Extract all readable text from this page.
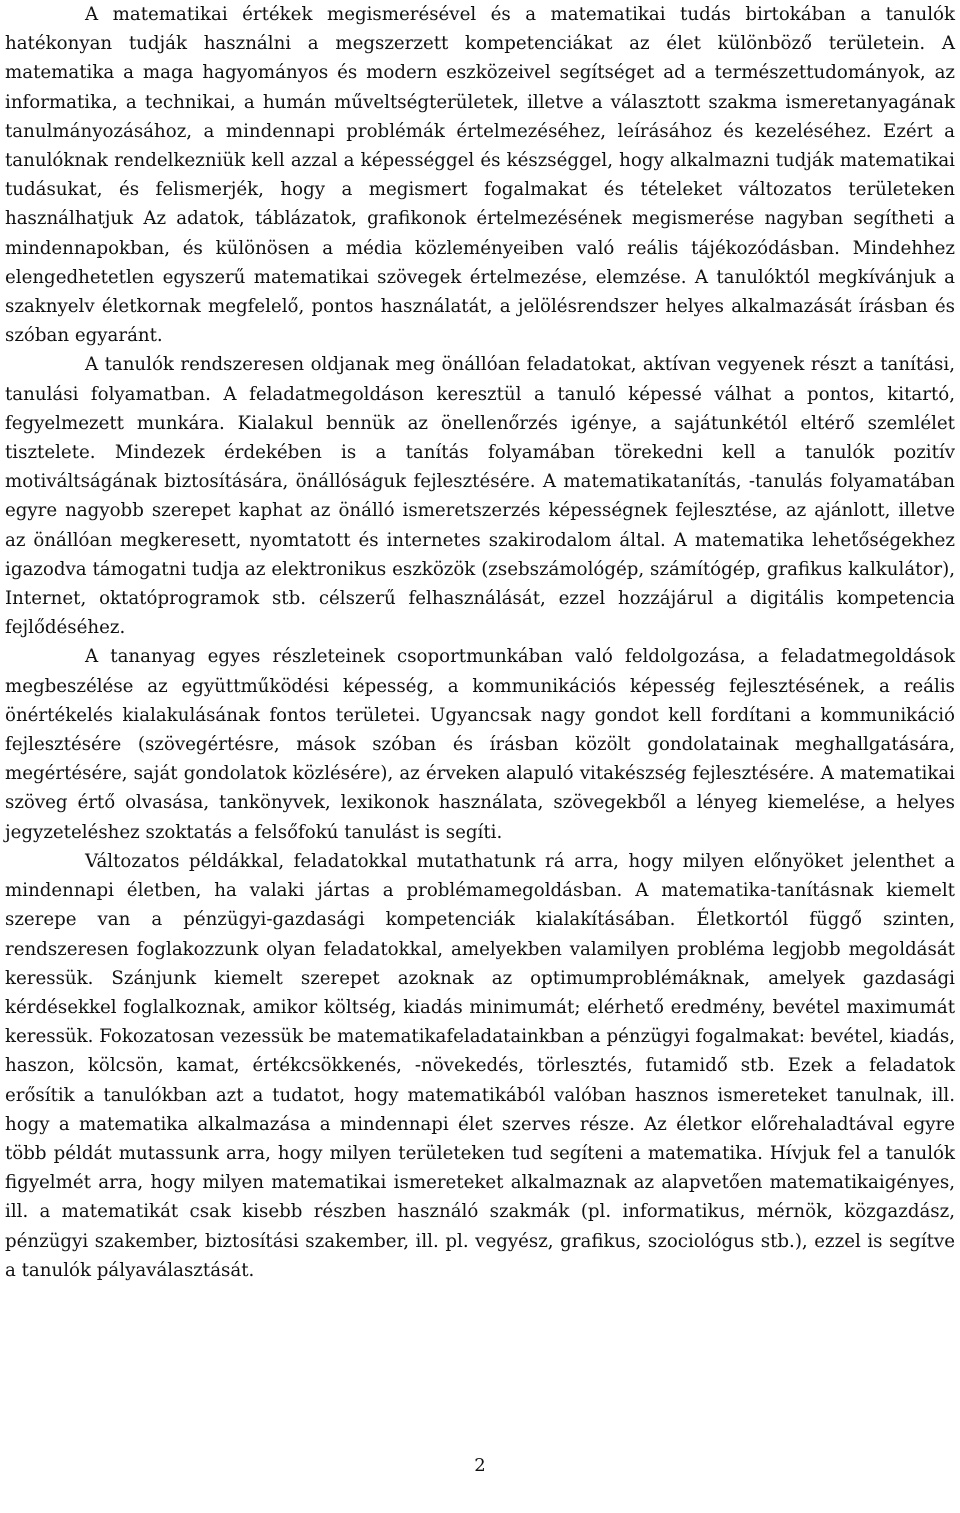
A matematikai értékek megismerésével és a matematikai tudás birtokában a tanulók hatékonyan tudják használni a megszerzett kompetenciákat az élet különböző területein. A matematika a maga hagyományos és modern eszközeivel segítséget ad a természettudományok, az informatika, a technikai, a humán műveltségterületek, illetve a választott szakma ismeretanyagának tanulmányozásához, a mindennapi problémák értelmezéséhez, leírásához és kezeléséhez. Ezért a tanulóknak rendelkezniük kell azzal a képességgel és készséggel, hogy alkalmazni tudják matematikai tudásukat, és felismerjék, hogy a megismert fogalmakat és tételeket változatos területeken használhatjuk Az adatok, táblázatok, grafikonok értelmezésének megismerése nagyban segítheti a mindennapokban, és különösen a média közleményeiben való reális tájékozódásban. Mindehhez elengedhetetlen egyszerű matematikai szövegek értelmezése, elemzése. A tanulóktól megkívánjuk a szaknyelv életkornak megfelelő, pontos használatát, a jelölésrendszer helyes alkalmazását írásban és szóban egyaránt.

A tanulók rendszeresen oldjanak meg önállóan feladatokat, aktívan vegyenek részt a tanítási, tanulási folyamatban. A feladatmegoldáson keresztül a tanuló képessé válhat a pontos, kitartó, fegyelmezett munkára. Kialakul bennük az önellenőrzés igénye, a sajátunkétól eltérő szemlélet tisztelete. Mindezek érdekében is a tanítás folyamában törekedni kell a tanulók pozitív motiváltságának biztosítására, önállóságuk fejlesztésére. A matematikatanítás, -tanulás folyamatában egyre nagyobb szerepet kaphat az önálló ismeretszerzés képességnek fejlesztése, az ajánlott, illetve az önállóan megkeresett, nyomtatott és internetes szakirodalom által. A matematika lehetőségekhez igazodva támogatni tudja az elektronikus eszközök (zsebszámológép, számítógép, grafikus kalkulátor), Internet, oktatóprogramok stb. célszerű felhasználását, ezzel hozzájárul a digitális kompetencia fejlődéséhez.

A tananyag egyes részleteinek csoportmunkában való feldolgozása, a feladatmegoldások megbeszélése az együttműködési képesség, a kommunikációs képesség fejlesztésének, a reális önértékelés kialakulásának fontos területei. Ugyancsak nagy gondot kell fordítani a kommunikáció fejlesztésére (szövegértésre, mások szóban és írásban közölt gondolatainak meghallgatására, megértésére, saját gondolatok közlésére), az érveken alapuló vitakészség fejlesztésére. A matematikai szöveg értő olvasása, tankönyvek, lexikonok használata, szövegekből a lényeg kiemelése, a helyes jegyzeteléshez szoktatás a felsőfokú tanulást is segíti.

Változatos példákkal, feladatokkal mutathatunk rá arra, hogy milyen előnyöket jelenthet a mindennapi életben, ha valaki jártas a problémamegoldásban. A matematika-tanításnak kiemelt szerepe van a pénzügyi-gazdasági kompetenciák kialakításában. Életkortól függő szinten, rendszeresen foglakozzunk olyan feladatokkal, amelyekben valamilyen probléma legjobb megoldását keressük. Szánjunk kiemelt szerepet azoknak az optimumproblémáknak, amelyek gazdasági kérdésekkel foglalkoznak, amikor költség, kiadás minimumát; elérhető eredmény, bevétel maximumát keressük. Fokozatosan vezessük be matematikafeladatainkban a pénzügyi fogalmakat: bevétel, kiadás, haszon, kölcsön, kamat, értékcsökkenés, -növekedés, törlesztés, futamidő stb. Ezek a feladatok erősítik a tanulókban azt a tudatot, hogy matematikából valóban hasznos ismereteket tanulnak, ill. hogy a matematika alkalmazása a mindennapi élet szerves része. Az életkor előrehaladtával egyre több példát mutassunk arra, hogy milyen területeken tud segíteni a matematika. Hívjuk fel a tanulók figyelmét arra, hogy milyen matematikai ismereteket alkalmaznak az alapvetően matematikaigényes, ill. a matematikát csak kisebb részben használó szakmák (pl. informatikus, mérnök, közgazdász, pénzügyi szakember, biztosítási szakember, ill. pl. vegyész, grafikus, szociológus stb.), ezzel is segítve a tanulók pályaválasztását.

2
